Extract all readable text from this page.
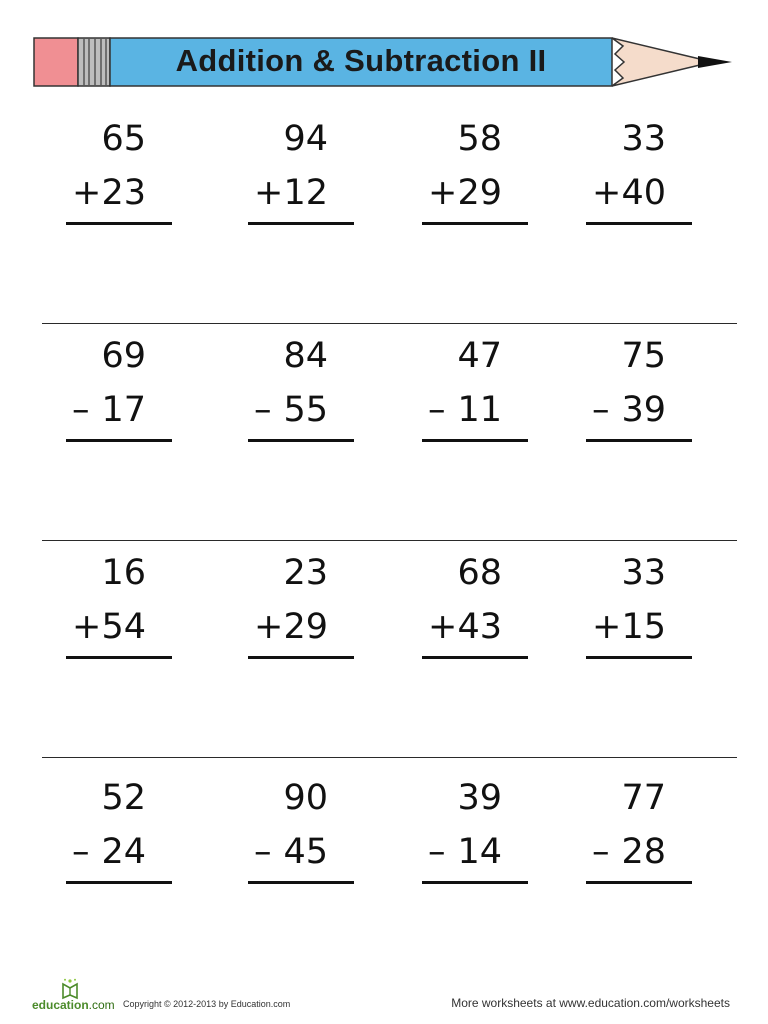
Addition & Subtraction II
65
+ 23
94
+ 12
58
+ 29
33
+ 40
69
– 17
84
– 55
47
– 11
75
– 39
16
+ 54
23
+ 29
68
+ 43
33
+ 15
52
– 24
90
– 45
39
– 14
77
– 28
education.com Copyright © 2012-2013 by Education.com	More worksheets at www.education.com/worksheets
